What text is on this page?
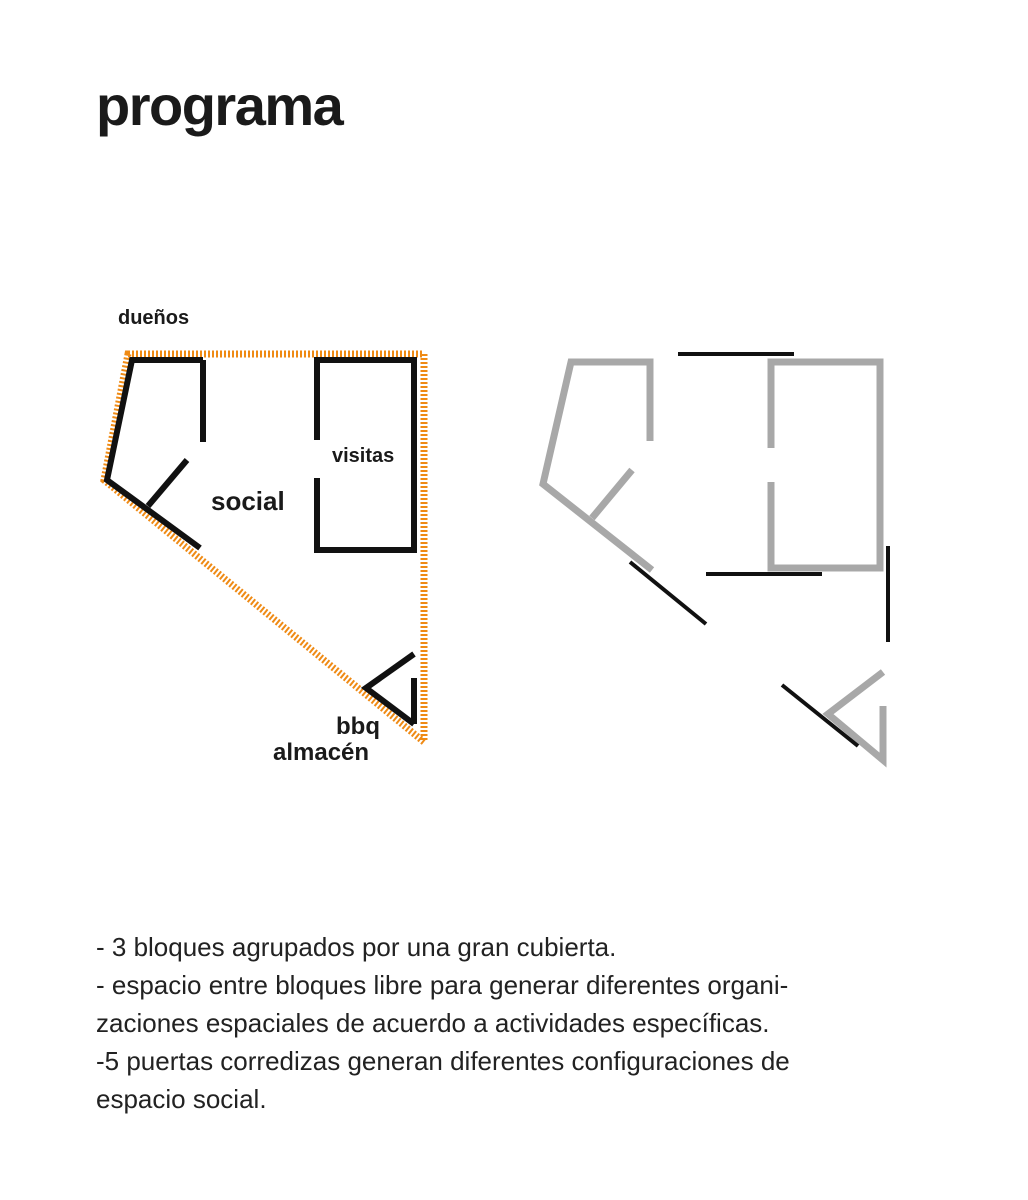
programa
dueños
visitas
social
bbq
almacén
- 3 bloques agrupados por una gran cubierta.
- espacio entre bloques libre para generar diferentes organi-
zaciones espaciales de acuerdo a actividades específicas.
-5 puertas corredizas generan diferentes configuraciones de
espacio social.
